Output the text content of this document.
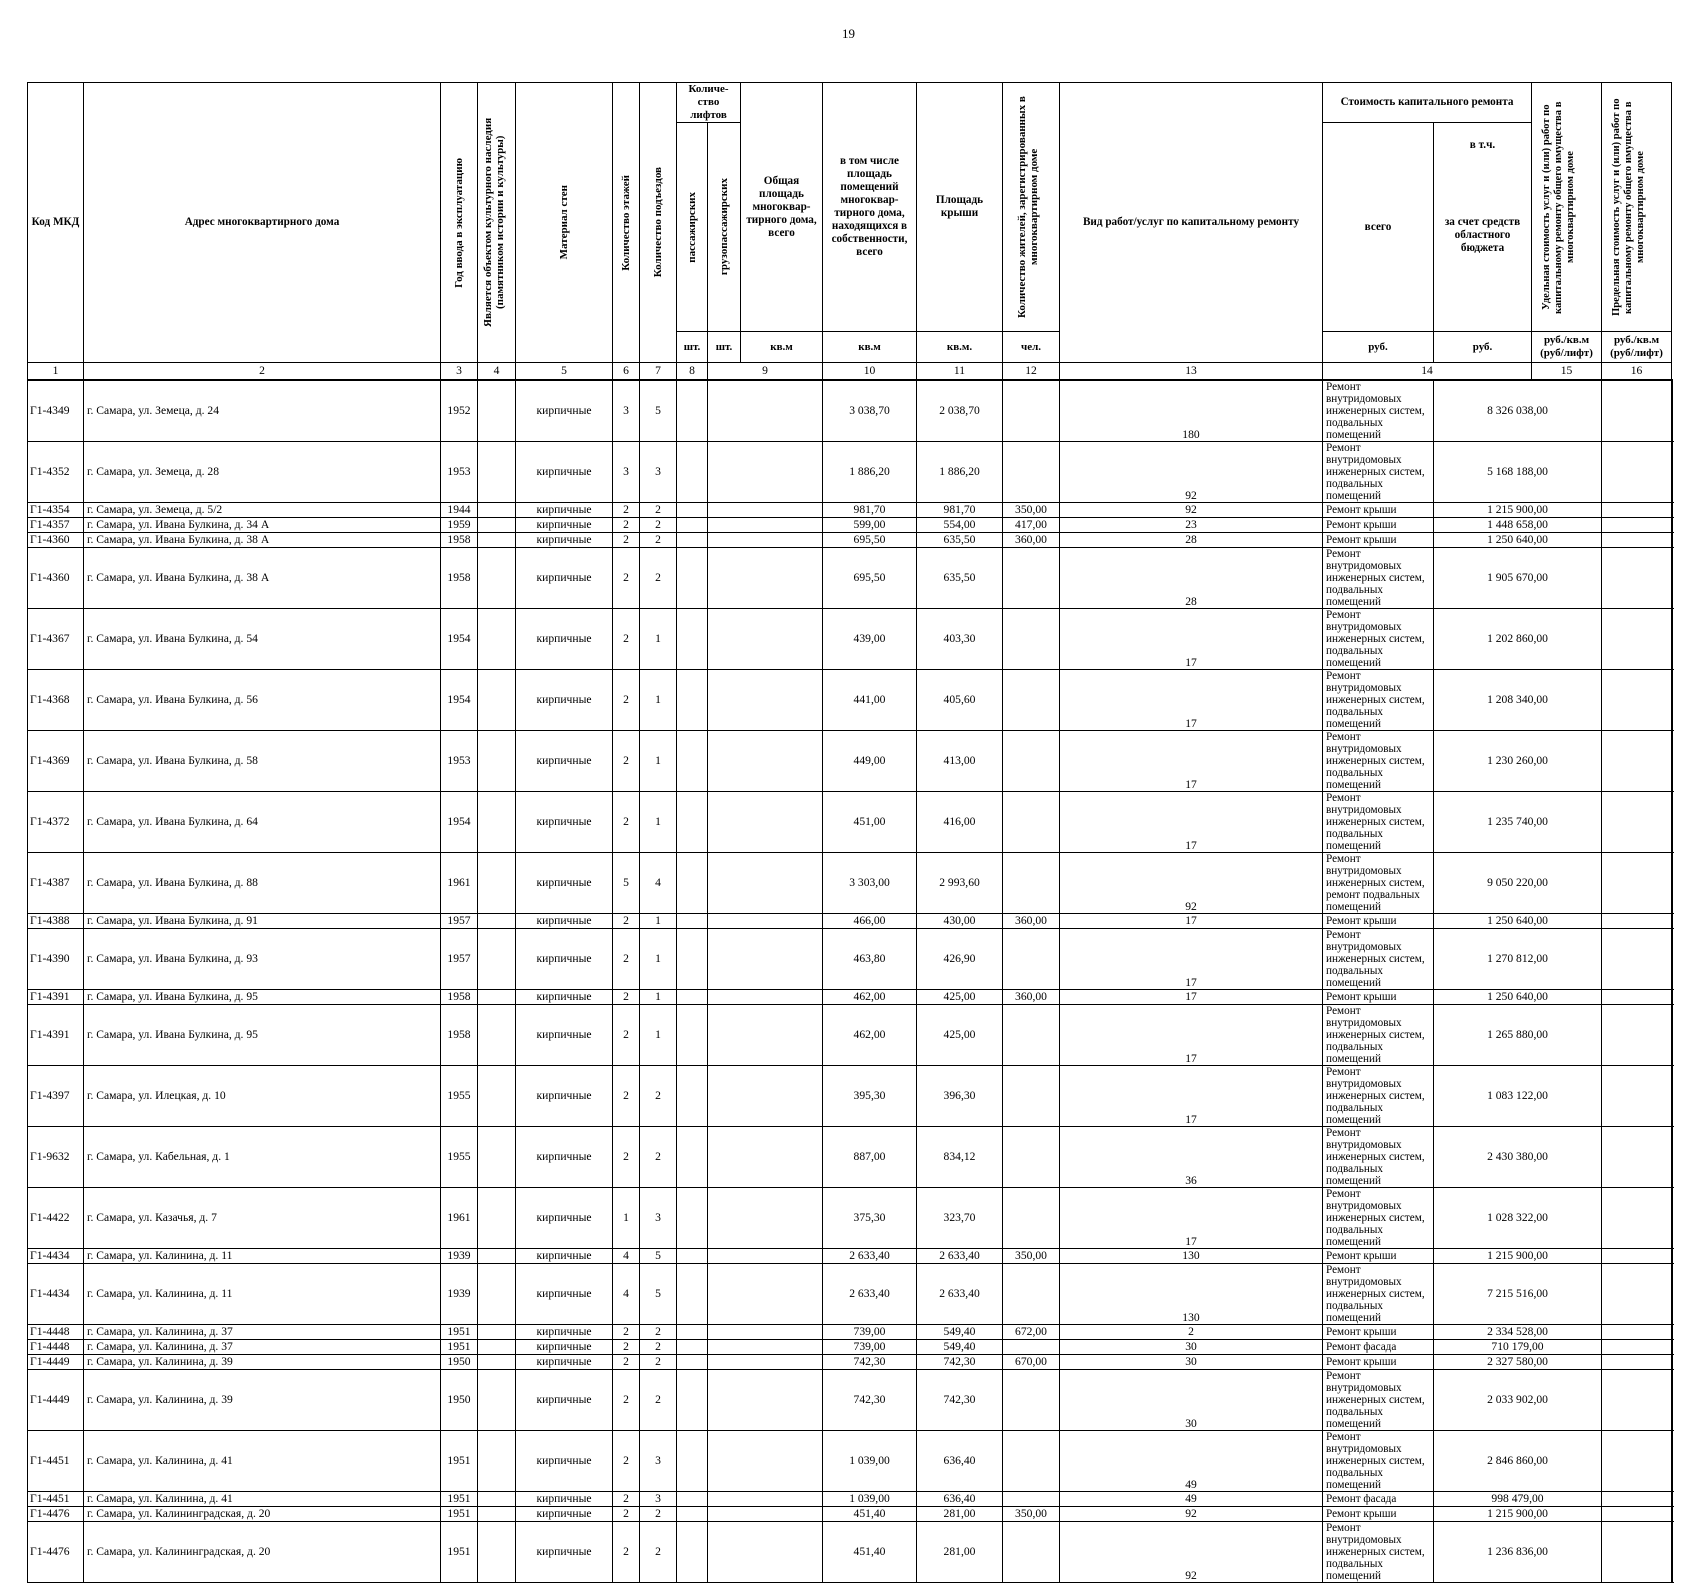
19
Код МКД	Адрес многоквартирного дома	Год ввода в эксплуатацию	Является объектом культурного наследия (памятником истории и культуры)	Материал стен	Количество этажей	Количество подъездов	Количе-ство лифтов		Общая площадь многоквар-тирного дома, всего	в том числе площадь помещений многоквар-тирного дома, находящихся в собственности, всего	Площадь крыши	Количество жителей, зарегистрированных в многоквартирном доме	Вид работ/услуг по капитальному ремонту	Стоимость капитального ремонта		Удельная стоимость услуг и (или) работ по капитальному ремонту общего имущества в многоквартирном доме	Предельная стоимость услуг и (или) работ по капитальному ремонту общего имущества в многоквартирном доме	

							пассажирских	грузопассажирских						всего	в т.ч.
за счет средств областного бюджета			

							шт.	шт.	кв.м	кв.м	кв.м.	чел.		руб.	руб.	руб./кв.м (руб/лифт)	руб./кв.м (руб/лифт)	
1	2	3	4	5	6	7	8	9		10	11	12	13	14		15	16	
Г1-4349	г. Самара, ул. Земеца, д. 24	1952		кирпичные	3	5				3 038,70	2 038,70		180	Ремонт внутридомовых инженерных систем, подвальных помещений	8 326 038,00			
Г1-4352	г. Самара, ул. Земеца, д. 28	1953		кирпичные	3	3				1 886,20	1 886,20		92	Ремонт внутридомовых инженерных систем, подвальных помещений	5 168 188,00			
Г1-4354	г. Самара, ул. Земеца, д. 5/2	1944		кирпичные	2	2				981,70	981,70	350,00	92	Ремонт крыши	1 215 900,00			
Г1-4357	г. Самара, ул. Ивана Булкина, д. 34 А	1959		кирпичные	2	2				599,00	554,00	417,00	23	Ремонт крыши	1 448 658,00			
Г1-4360	г. Самара, ул. Ивана Булкина, д. 38 А	1958		кирпичные	2	2				695,50	635,50	360,00	28	Ремонт крыши	1 250 640,00			
Г1-4360	г. Самара, ул. Ивана Булкина, д. 38 А	1958		кирпичные	2	2				695,50	635,50		28	Ремонт внутридомовых инженерных систем, подвальных помещений	1 905 670,00			
Г1-4367	г. Самара, ул. Ивана Булкина, д. 54	1954		кирпичные	2	1				439,00	403,30		17	Ремонт внутридомовых инженерных систем, подвальных помещений	1 202 860,00			
Г1-4368	г. Самара, ул. Ивана Булкина, д. 56	1954		кирпичные	2	1				441,00	405,60		17	Ремонт внутридомовых инженерных систем, подвальных помещений	1 208 340,00			
Г1-4369	г. Самара, ул. Ивана Булкина, д. 58	1953		кирпичные	2	1				449,00	413,00		17	Ремонт внутридомовых инженерных систем, подвальных помещений	1 230 260,00			
Г1-4372	г. Самара, ул. Ивана Булкина, д. 64	1954		кирпичные	2	1				451,00	416,00		17	Ремонт внутридомовых инженерных систем, подвальных помещений	1 235 740,00			
Г1-4387	г. Самара, ул. Ивана Булкина, д. 88	1961		кирпичные	5	4				3 303,00	2 993,60		92	Ремонт внутридомовых инженерных систем, ремонт подвальных помещений	9 050 220,00			
Г1-4388	г. Самара, ул. Ивана Булкина, д. 91	1957		кирпичные	2	1				466,00	430,00	360,00	17	Ремонт крыши	1 250 640,00			
Г1-4390	г. Самара, ул. Ивана Булкина, д. 93	1957		кирпичные	2	1				463,80	426,90		17	Ремонт внутридомовых инженерных систем, подвальных помещений	1 270 812,00			
Г1-4391	г. Самара, ул. Ивана Булкина, д. 95	1958		кирпичные	2	1				462,00	425,00	360,00	17	Ремонт крыши	1 250 640,00			
Г1-4391	г. Самара, ул. Ивана Булкина, д. 95	1958		кирпичные	2	1				462,00	425,00		17	Ремонт внутридомовых инженерных систем, подвальных помещений	1 265 880,00			
Г1-4397	г. Самара, ул. Илецкая, д. 10	1955		кирпичные	2	2				395,30	396,30		17	Ремонт внутридомовых инженерных систем, подвальных помещений	1 083 122,00			
Г1-9632	г. Самара, ул. Кабельная, д. 1	1955		кирпичные	2	2				887,00	834,12		36	Ремонт внутридомовых инженерных систем, подвальных помещений	2 430 380,00			
Г1-4422	г. Самара, ул. Казачья, д. 7	1961		кирпичные	1	3				375,30	323,70		17	Ремонт внутридомовых инженерных систем, подвальных помещений	1 028 322,00			
Г1-4434	г. Самара, ул. Калинина, д. 11	1939		кирпичные	4	5				2 633,40	2 633,40	350,00	130	Ремонт крыши	1 215 900,00			
Г1-4434	г. Самара, ул. Калинина, д. 11	1939		кирпичные	4	5				2 633,40	2 633,40		130	Ремонт внутридомовых инженерных систем, подвальных помещений	7 215 516,00			
Г1-4448	г. Самара, ул. Калинина, д. 37	1951		кирпичные	2	2				739,00	549,40	672,00	2	Ремонт крыши	2 334 528,00			
Г1-4448	г. Самара, ул. Калинина, д. 37	1951		кирпичные	2	2				739,00	549,40		30	Ремонт фасада	710 179,00			
Г1-4449	г. Самара, ул. Калинина, д. 39	1950		кирпичные	2	2				742,30	742,30	670,00	30	Ремонт крыши	2 327 580,00			
Г1-4449	г. Самара, ул. Калинина, д. 39	1950		кирпичные	2	2				742,30	742,30		30	Ремонт внутридомовых инженерных систем, подвальных помещений	2 033 902,00			
Г1-4451	г. Самара, ул. Калинина, д. 41	1951		кирпичные	2	3				1 039,00	636,40		49	Ремонт внутридомовых инженерных систем, подвальных помещений	2 846 860,00			
Г1-4451	г. Самара, ул. Калинина, д. 41	1951		кирпичные	2	3				1 039,00	636,40		49	Ремонт фасада	998 479,00			
Г1-4476	г. Самара, ул. Калининградская, д. 20	1951		кирпичные	2	2				451,40	281,00	350,00	92	Ремонт крыши	1 215 900,00			
Г1-4476	г. Самара, ул. Калининградская, д. 20	1951		кирпичные	2	2				451,40	281,00		92	Ремонт внутридомовых инженерных систем, подвальных помещений	1 236 836,00			
